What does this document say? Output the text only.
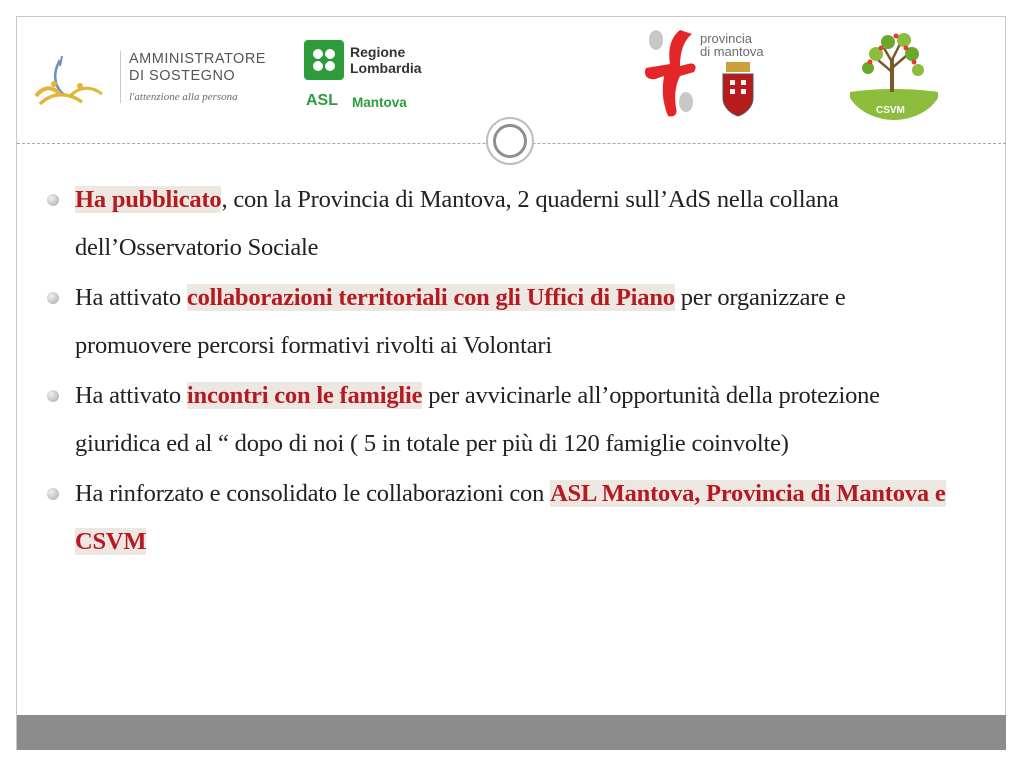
AMMINISTRATORE
DI SOSTEGNO
l'attenzione alla persona
Regione
Lombardia
ASL Mantova
provincia
di mantova
CSVM
Ha pubblicato, con la Provincia di Mantova, 2 quaderni sull’AdS nella collana dell’Osservatorio Sociale
Ha attivato collaborazioni territoriali con gli Uffici di Piano per organizzare e promuovere percorsi formativi rivolti ai Volontari
Ha attivato incontri con le famiglie per avvicinarle all’opportunità della protezione giuridica ed al “ dopo di noi ( 5 in totale per più di 120 famiglie coinvolte)
Ha rinforzato e consolidato le collaborazioni con ASL Mantova, Provincia di Mantova e CSVM
